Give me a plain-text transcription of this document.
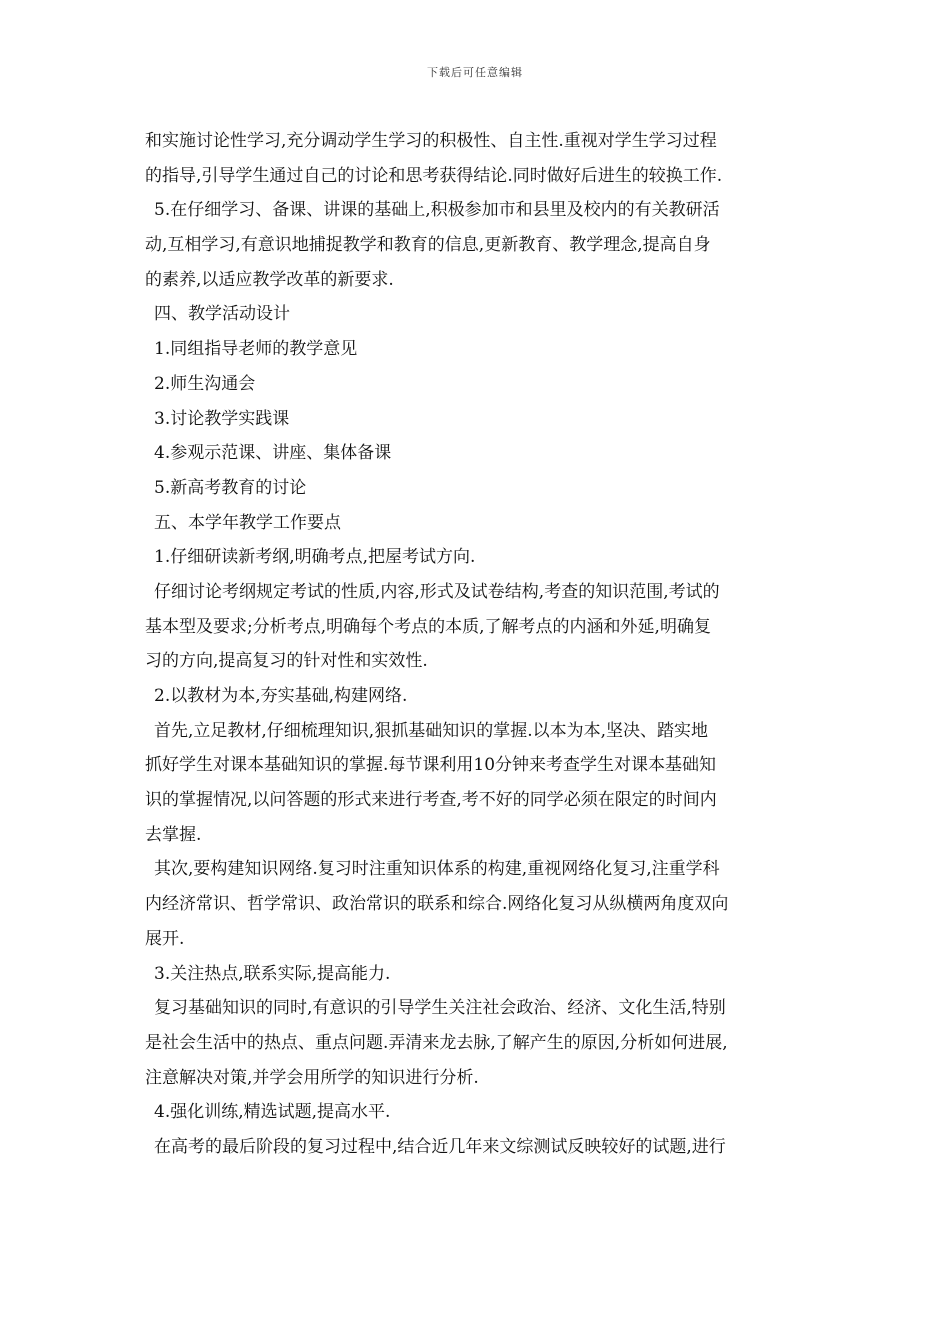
下载后可任意编辑
和实施讨论性学习,充分调动学生学习的积极性、自主性.重视对学生学习过程
的指导,引导学生通过自己的讨论和思考获得结论.同时做好后进生的较换工作.
5.在仔细学习、备课、讲课的基础上,积极参加市和县里及校内的有关教研活
动,互相学习,有意识地捕捉教学和教育的信息,更新教育、教学理念,提高自身
的素养,以适应教学改革的新要求.
四、教学活动设计
1.同组指导老师的教学意见
2.师生沟通会
3.讨论教学实践课
4.参观示范课、讲座、集体备课
5.新高考教育的讨论
五、本学年教学工作要点
1.仔细研读新考纲,明确考点,把屋考试方向.
仔细讨论考纲规定考试的性质,内容,形式及试卷结构,考查的知识范围,考试的
基本型及要求;分析考点,明确每个考点的本质,了解考点的内涵和外延,明确复
习的方向,提高复习的针对性和实效性.
2.以教材为本,夯实基础,构建网络.
首先,立足教材,仔细梳理知识,狠抓基础知识的掌握.以本为本,坚决、踏实地
抓好学生对课本基础知识的掌握.每节课利用10分钟来考查学生对课本基础知
识的掌握情况,以问答题的形式来进行考查,考不好的同学必须在限定的时间内
去掌握.
其次,要构建知识网络.复习时注重知识体系的构建,重视网络化复习,注重学科
内经济常识、哲学常识、政治常识的联系和综合.网络化复习从纵横两角度双向
展开.
3.关注热点,联系实际,提高能力.
复习基础知识的同时,有意识的引导学生关注社会政治、经济、文化生活,特别
是社会生活中的热点、重点问题.弄清来龙去脉,了解产生的原因,分析如何进展,
注意解决对策,并学会用所学的知识进行分析.
4.强化训练,精选试题,提高水平.
在高考的最后阶段的复习过程中,结合近几年来文综测试反映较好的试题,进行
